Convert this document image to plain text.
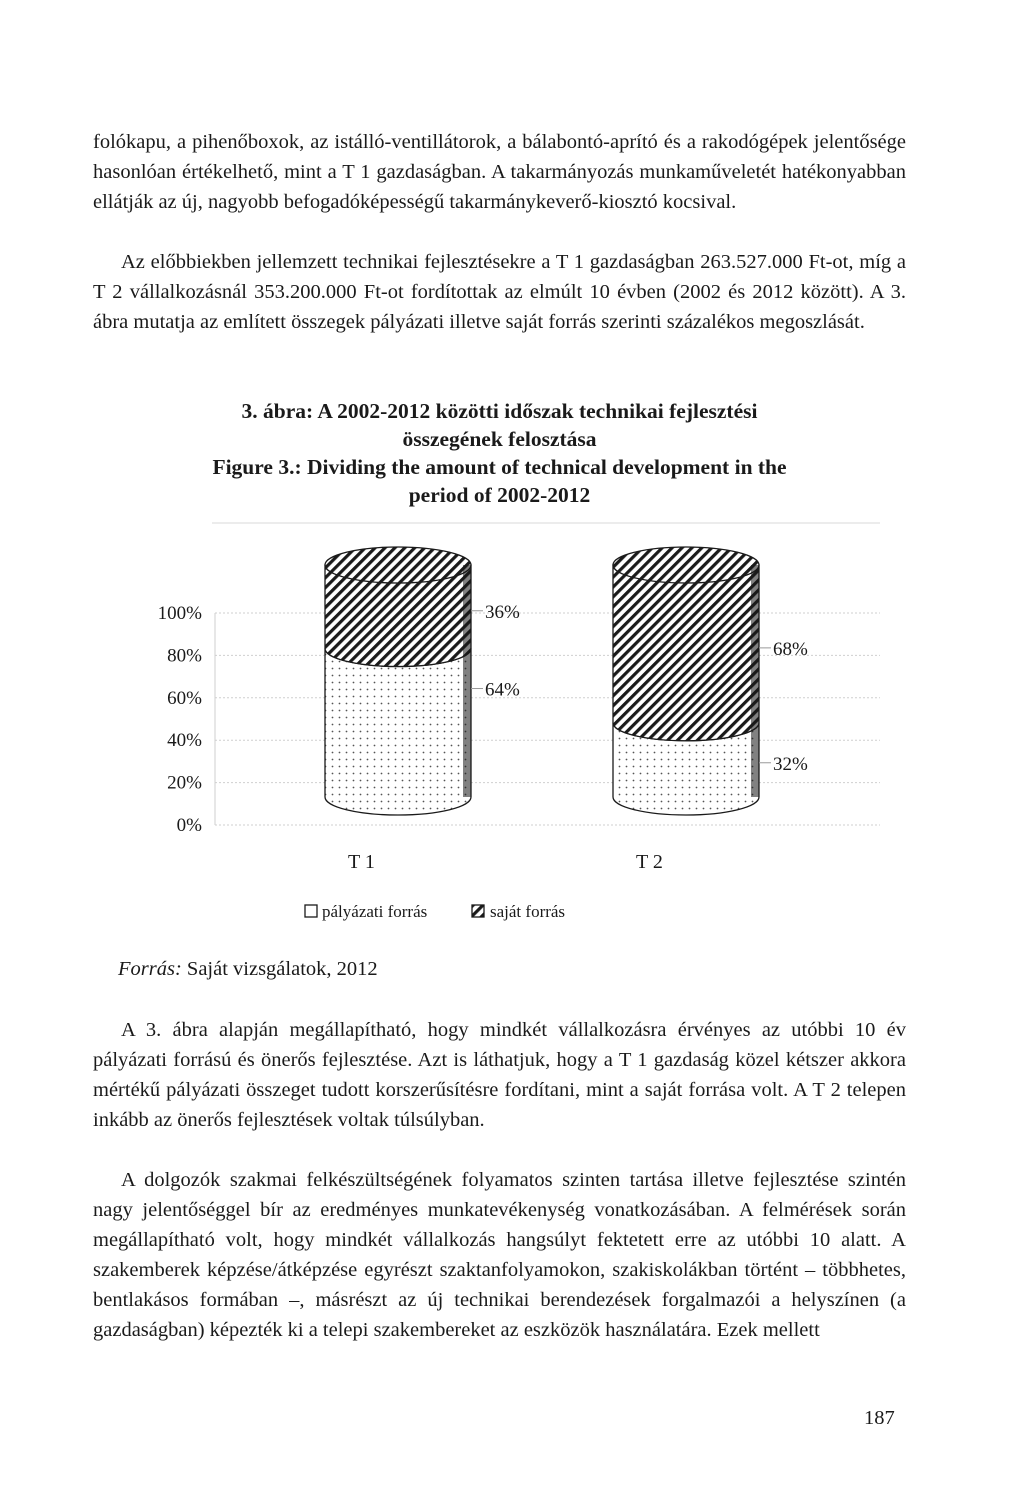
folókapu, a pihenőboxok, az istálló-ventillátorok, a bálabontó-aprító és a rakodógépek jelentősége hasonlóan értékelhető, mint a T 1 gazdaságban. A takarmányozás munkaműveletét hatékonyabban ellátják az új, nagyobb befogadóképességű takarmánykeverő-kiosztó kocsival.

Az előbbiekben jellemzett technikai fejlesztésekre a T 1 gazdaságban 263.527.000 Ft-ot, míg a T 2 vállalkozásnál 353.200.000 Ft-ot fordítottak az elmúlt 10 évben (2002 és 2012 között). A 3. ábra mutatja az említett összegek pályázati illetve saját forrás szerinti százalékos megoszlását.

3. ábra: A 2002-2012 közötti időszak technikai fejlesztési

összegének felosztása

Figure 3.: Dividing the amount of technical development in the

period of 2002-2012

0%
20%
40%
60%
80%
100%	36%
64%
68%
32%
T 1	T 2
pályázati forrás	saját forrás

Forrás: Saját vizsgálatok, 2012

A 3. ábra alapján megállapítható, hogy mindkét vállalkozásra érvényes az utóbbi 10 év pályázati forrású és önerős fejlesztése. Azt is láthatjuk, hogy a T 1 gazdaság közel kétszer akkora mértékű pályázati összeget tudott korszerűsítésre fordítani, mint a saját forrása volt. A T 2 telepen inkább az önerős fejlesztések voltak túlsúlyban.

A dolgozók szakmai felkészültségének folyamatos szinten tartása illetve fejlesztése szintén nagy jelentőséggel bír az eredményes munkatevékenység vonatkozásában. A felmérések során megállapítható volt, hogy mindkét vállalkozás hangsúlyt fektetett erre az utóbbi 10 alatt. A szakemberek képzése/átképzése egyrészt szaktanfolyamokon, szakiskolákban történt – többhetes, bentlakásos formában –, másrészt az új technikai berendezések forgalmazói a helyszínen (a gazdaságban) képezték ki a telepi szakembereket az eszközök használatára. Ezek mellett

187
